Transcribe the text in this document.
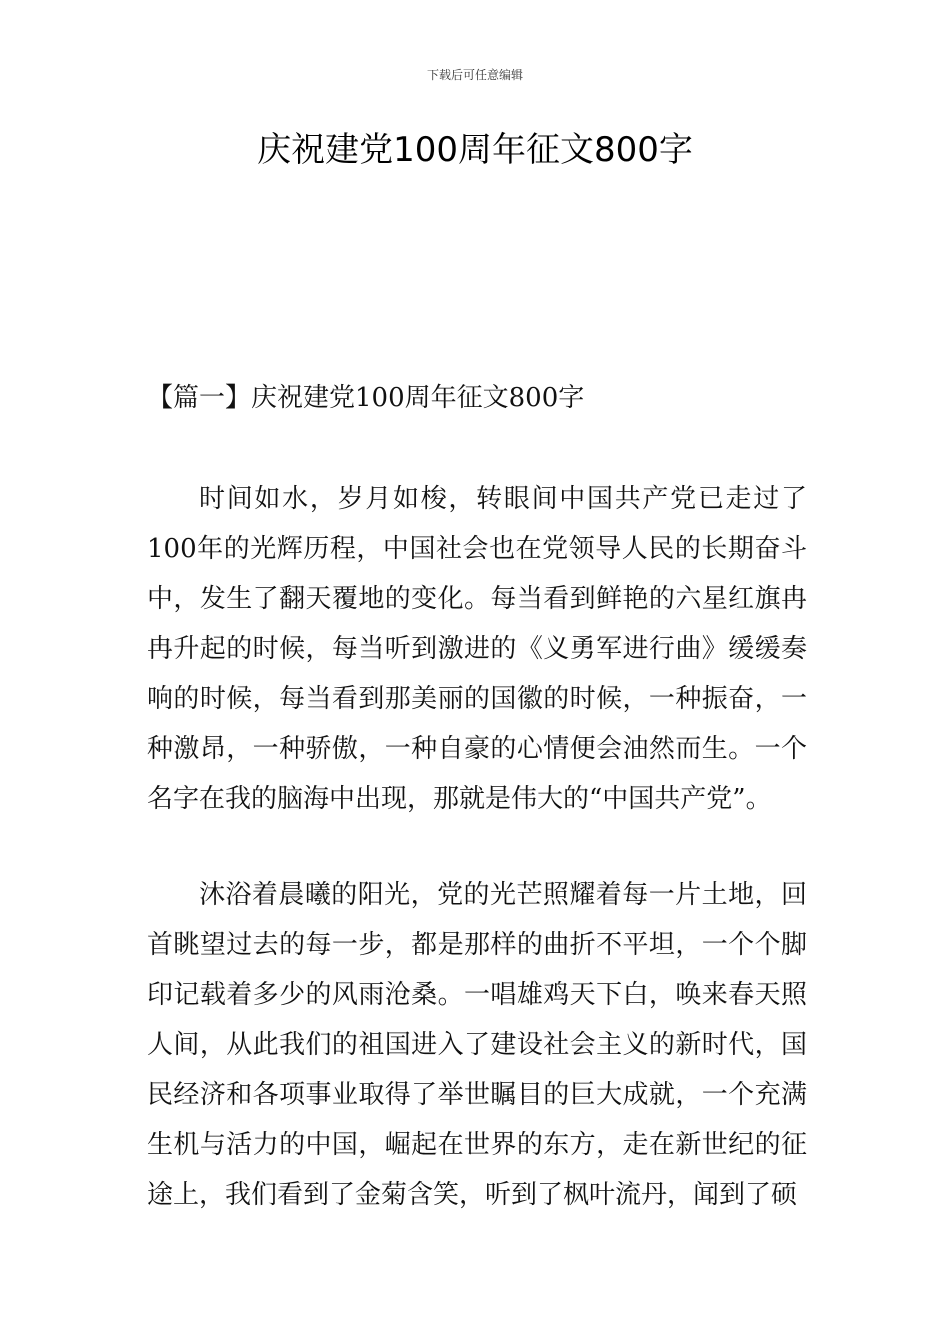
下载后可任意编辑
庆祝建党100周年征文800字
【篇一】庆祝建党100周年征文800字

时间如水，岁月如梭，转眼间中国共产党已走过了100年的光辉历程，中国社会也在党领导人民的长期奋斗中，发生了翻天覆地的变化。每当看到鲜艳的六星红旗冉冉升起的时候，每当听到激进的《义勇军进行曲》缓缓奏响的时候，每当看到那美丽的国徽的时候，一种振奋，一种激昂，一种骄傲，一种自豪的心情便会油然而生。一个名字在我的脑海中出现，那就是伟大的“中国共产党”。

沐浴着晨曦的阳光，党的光芒照耀着每一片土地，回首眺望过去的每一步，都是那样的曲折不平坦，一个个脚印记载着多少的风雨沧桑。一唱雄鸡天下白，唤来春天照人间，从此我们的祖国进入了建设社会主义的新时代，国民经济和各项事业取得了举世瞩目的巨大成就，一个充满生机与活力的中国，崛起在世界的东方，走在新世纪的征途上，我们看到了金菊含笑，听到了枫叶流丹，闻到了硕
